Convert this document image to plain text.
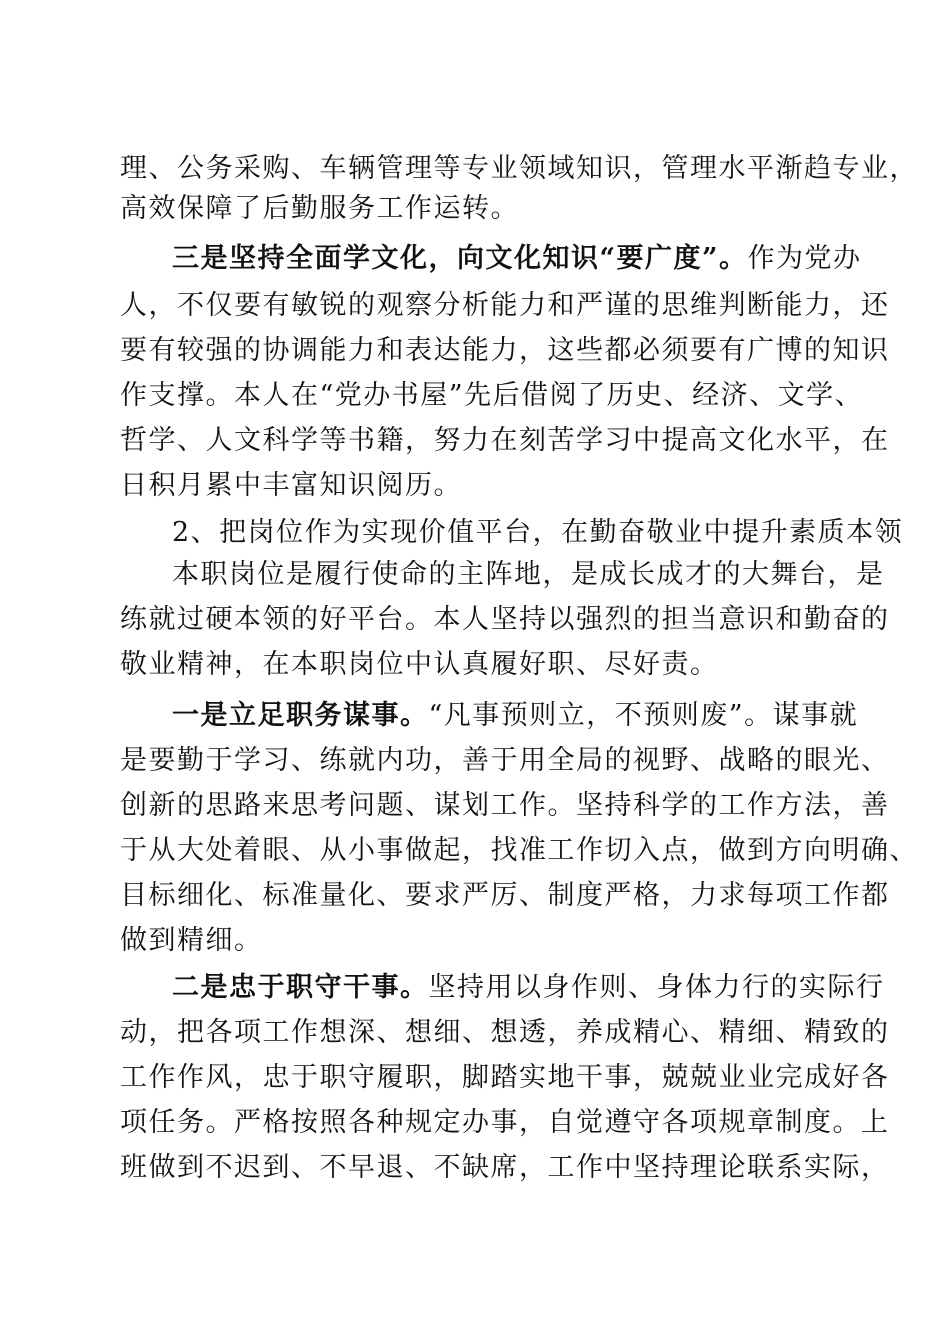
理、公务采购、车辆管理等专业领域知识，管理水平渐趋专业，
高效保障了后勤服务工作运转。
三是坚持全面学文化，向文化知识“要广度”。作为党办
人，不仅要有敏锐的观察分析能力和严谨的思维判断能力，还
要有较强的协调能力和表达能力，这些都必须要有广博的知识
作支撑。本人在“党办书屋”先后借阅了历史、经济、文学、
哲学、人文科学等书籍，努力在刻苦学习中提高文化水平，在
日积月累中丰富知识阅历。
2、把岗位作为实现价值平台，在勤奋敬业中提升素质本领
本职岗位是履行使命的主阵地，是成长成才的大舞台，是
练就过硬本领的好平台。本人坚持以强烈的担当意识和勤奋的
敬业精神，在本职岗位中认真履好职、尽好责。
一是立足职务谋事。“凡事预则立，不预则废”。谋事就
是要勤于学习、练就内功，善于用全局的视野、战略的眼光、
创新的思路来思考问题、谋划工作。坚持科学的工作方法，善
于从大处着眼、从小事做起，找准工作切入点，做到方向明确、
目标细化、标准量化、要求严厉、制度严格，力求每项工作都
做到精细。
二是忠于职守干事。坚持用以身作则、身体力行的实际行
动，把各项工作想深、想细、想透，养成精心、精细、精致的
工作作风，忠于职守履职，脚踏实地干事，兢兢业业完成好各
项任务。严格按照各种规定办事，自觉遵守各项规章制度。上
班做到不迟到、不早退、不缺席，工作中坚持理论联系实际，
